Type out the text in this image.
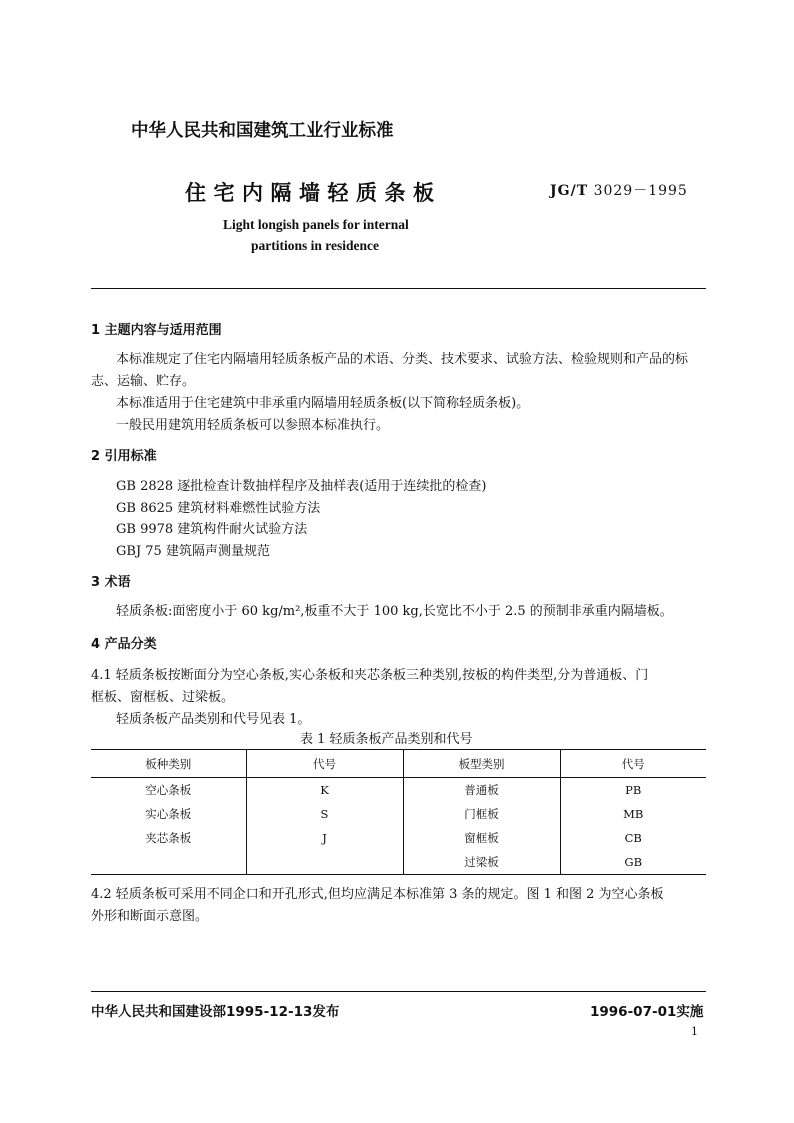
中华人民共和国建筑工业行业标准
住宅内隔墙轻质条板	JG/T 3029－1995
Light longish panels for internal
partitions in residence
1 主题内容与适用范围
本标准规定了住宅内隔墙用轻质条板产品的术语、分类、技术要求、试验方法、检验规则和产品的标
志、运输、贮存。
本标准适用于住宅建筑中非承重内隔墙用轻质条板(以下简称轻质条板)。
一般民用建筑用轻质条板可以参照本标准执行。
2 引用标准
GB 2828 逐批检查计数抽样程序及抽样表(适用于连续批的检查)
GB 8625 建筑材料难燃性试验方法
GB 9978 建筑构件耐火试验方法
GBJ 75 建筑隔声测量规范
3 术语
轻质条板:面密度小于 60 kg/m²,板重不大于 100 kg,长宽比不小于 2.5 的预制非承重内隔墙板。
4 产品分类
4.1 轻质条板按断面分为空心条板,实心条板和夹芯条板三种类别,按板的构件类型,分为普通板、门
框板、窗框板、过梁板。
轻质条板产品类别和代号见表 1。
表 1 轻质条板产品类别和代号
板种类别	代号	板型类别	代号
空心条板	K	普通板	PB
实心条板	S	门框板	MB
夹芯条板	J	窗框板	CB
		过梁板	GB
4.2 轻质条板可采用不同企口和开孔形式,但均应满足本标准第 3 条的规定。图 1 和图 2 为空心条板
外形和断面示意图。
中华人民共和国建设部1995-12-13发布	1996-07-01实施
1
